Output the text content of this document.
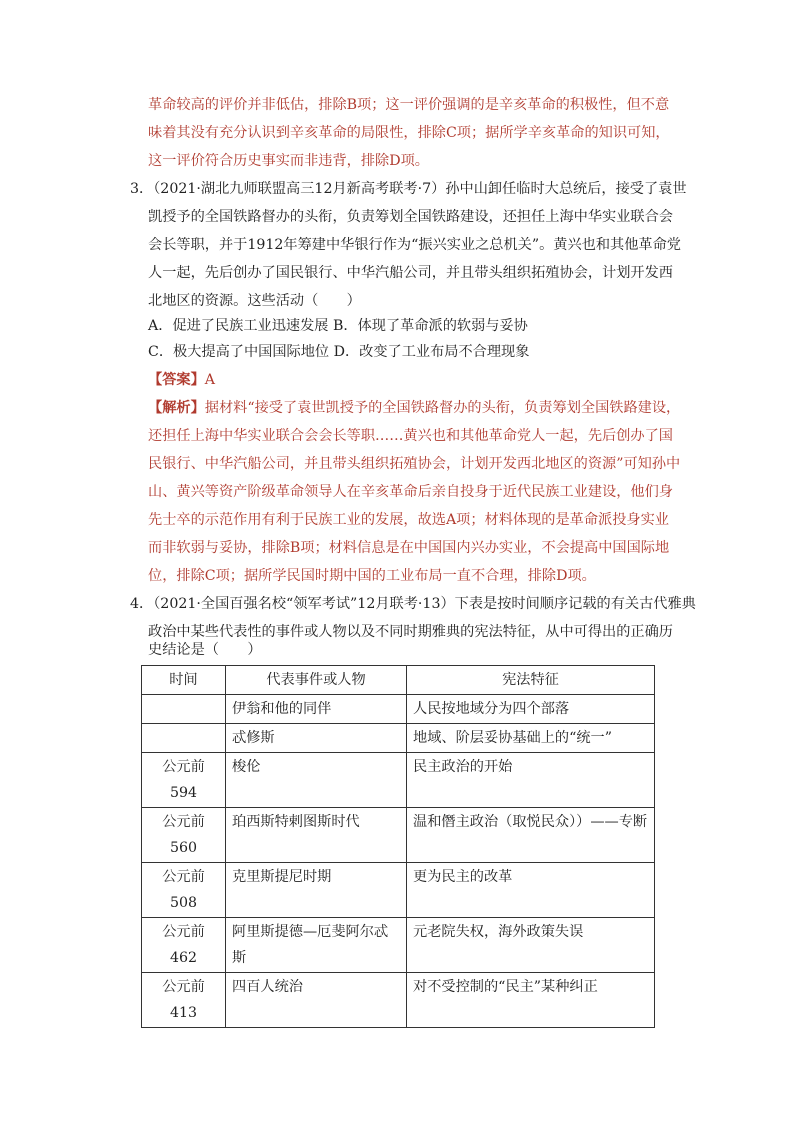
革命较高的评价并非低估，排除B项；这一评价强调的是辛亥革命的积极性，但不意

味着其没有充分认识到辛亥革命的局限性，排除C项；据所学辛亥革命的知识可知，

这一评价符合历史事实而非违背，排除D项。

3．（2021·湖北九师联盟高三12月新高考联考·7）孙中山卸任临时大总统后，接受了袁世

凯授予的全国铁路督办的头衔，负责筹划全国铁路建设，还担任上海中华实业联合会

会长等职，并于1912年筹建中华银行作为“振兴实业之总机关”。黄兴也和其他革命党

人一起，先后创办了国民银行、中华汽船公司，并且带头组织拓殖协会，计划开发西

北地区的资源。这些活动（　　）

A．促进了民族工业迅速发展 B．体现了革命派的软弱与妥协

C．极大提高了中国国际地位 D．改变了工业布局不合理现象

【答案】A

【解析】据材料“接受了袁世凯授予的全国铁路督办的头衔，负责筹划全国铁路建设，

还担任上海中华实业联合会会长等职……黄兴也和其他革命党人一起，先后创办了国

民银行、中华汽船公司，并且带头组织拓殖协会，计划开发西北地区的资源”可知孙中

山、黄兴等资产阶级革命领导人在辛亥革命后亲自投身于近代民族工业建设，他们身

先士卒的示范作用有利于民族工业的发展，故选A项；材料体现的是革命派投身实业

而非软弱与妥协，排除B项；材料信息是在中国国内兴办实业，不会提高中国国际地

位，排除C项；据所学民国时期中国的工业布局一直不合理，排除D项。

4．（2021·全国百强名校“领军考试”12月联考·13）下表是按时间顺序记载的有关古代雅典

政治中某些代表性的事件或人物以及不同时期雅典的宪法特征，从中可得出的正确历

史结论是（　　）

时间	代表事件或人物	宪法特征
	伊翁和他的同伴	人民按地域分为四个部落
	忒修斯	地域、阶层妥协基础上的“统一”
公元前
594	梭伦	民主政治的开始
公元前
560	珀西斯特剌图斯时代	温和僭主政治（取悦民众））——专断
公元前
508	克里斯提尼时期	更为民主的改革
公元前
462	阿里斯提德—厄斐阿尔忒斯	元老院失权，海外政策失误
公元前
413	四百人统治	对不受控制的“民主”某种纠正
